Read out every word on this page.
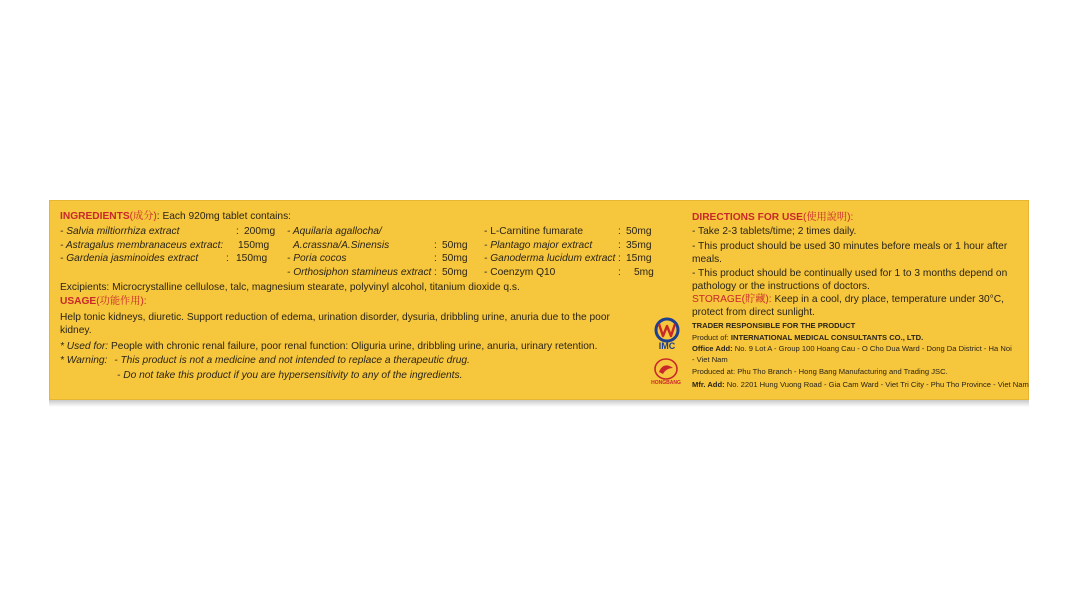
INGREDIENTS(成分): Each 920mg tablet contains:
- Salvia miltiorrhiza extract	: 200mg
- Astragalus membranaceus extract: 150mg
- Gardenia jasminoides extract	: 150mg
- Aquilaria agallocha/
A.crassna/A.Sinensis	: 50mg
- Poria cocos	: 50mg
- Orthosiphon stamineus extract : 50mg
- L-Carnitine fumarate	: 50mg
- Plantago major extract	: 35mg
- Ganoderma lucidum extract : 15mg
- Coenzym Q10	: 5mg
Excipients: Microcrystalline cellulose, talc, magnesium stearate, polyvinyl alcohol, titanium dioxide q.s.
USAGE(功能作用):
Help tonic kidneys, diuretic. Support reduction of edema, urination disorder, dysuria, dribbling urine, anuria due to the poor
kidney.
* Used for: People with chronic renal failure, poor renal function: Oliguria urine, dribbling urine, anuria, urinary retention.
* Warning: - This product is not a medicine and not intended to replace a therapeutic drug.
- Do not take this product if you are hypersensitivity to any of the ingredients.
IMC
HONGBANG
DIRECTIONS FOR USE(使用說明):
- Take 2-3 tablets/time; 2 times daily.
- This product should be used 30 minutes before meals or 1 hour after
meals.
- This product should be continually used for 1 to 3 months depend on
pathology or the instructions of doctors.
STORAGE(貯藏): Keep in a cool, dry place, temperature under 30°C,
protect from direct sunlight.
TRADER RESPONSIBLE FOR THE PRODUCT
Product of: INTERNATIONAL MEDICAL CONSULTANTS CO., LTD.
Office Add: No. 9 Lot A - Group 100 Hoang Cau - O Cho Dua Ward - Dong Da District - Ha Noi
- Viet Nam
Produced at: Phu Tho Branch - Hong Bang Manufacturing and Trading JSC.
Mfr. Add: No. 2201 Hung Vuong Road - Gia Cam Ward - Viet Tri City - Phu Tho Province - Viet Nam
